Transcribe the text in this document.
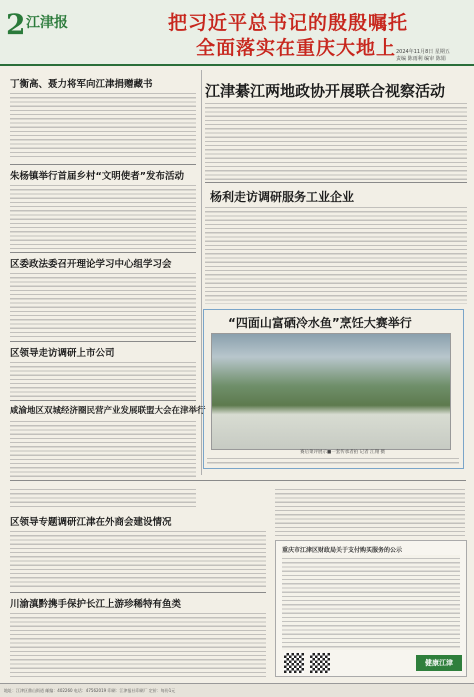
2 江津报	把习近平总书记的殷殷嘱托
全面落实在重庆大地上 2024年11月8日 星期五
责编 陈雨利 编审 陈娟
丁衡高、聂力将军向江津捐赠藏书
朱杨镇举行首届乡村“文明使者”发布活动
区委政法委召开理论学习中心组学习会
区领导走访调研上市公司
咸渝地区双城经济圈民营产业发展联盟大会在津举行
区领导专题调研江津在外商会建设情况
川渝滇黔携手保护长江上游珍稀特有鱼类
江津綦江两地政协开展联合视察活动
杨利走访调研服务工业企业
“四面山富硒冷水鱼”烹饪大赛举行
赛后菜评展示■一套传承者拍 记者 江翔 摄
重庆市江津区财政局关于支付购买服务的公示
健康江津
地址：江津区鼎山街道 邮编：402260 电话：47562019 印刷：江津报社印刷厂 定价：每份1元
